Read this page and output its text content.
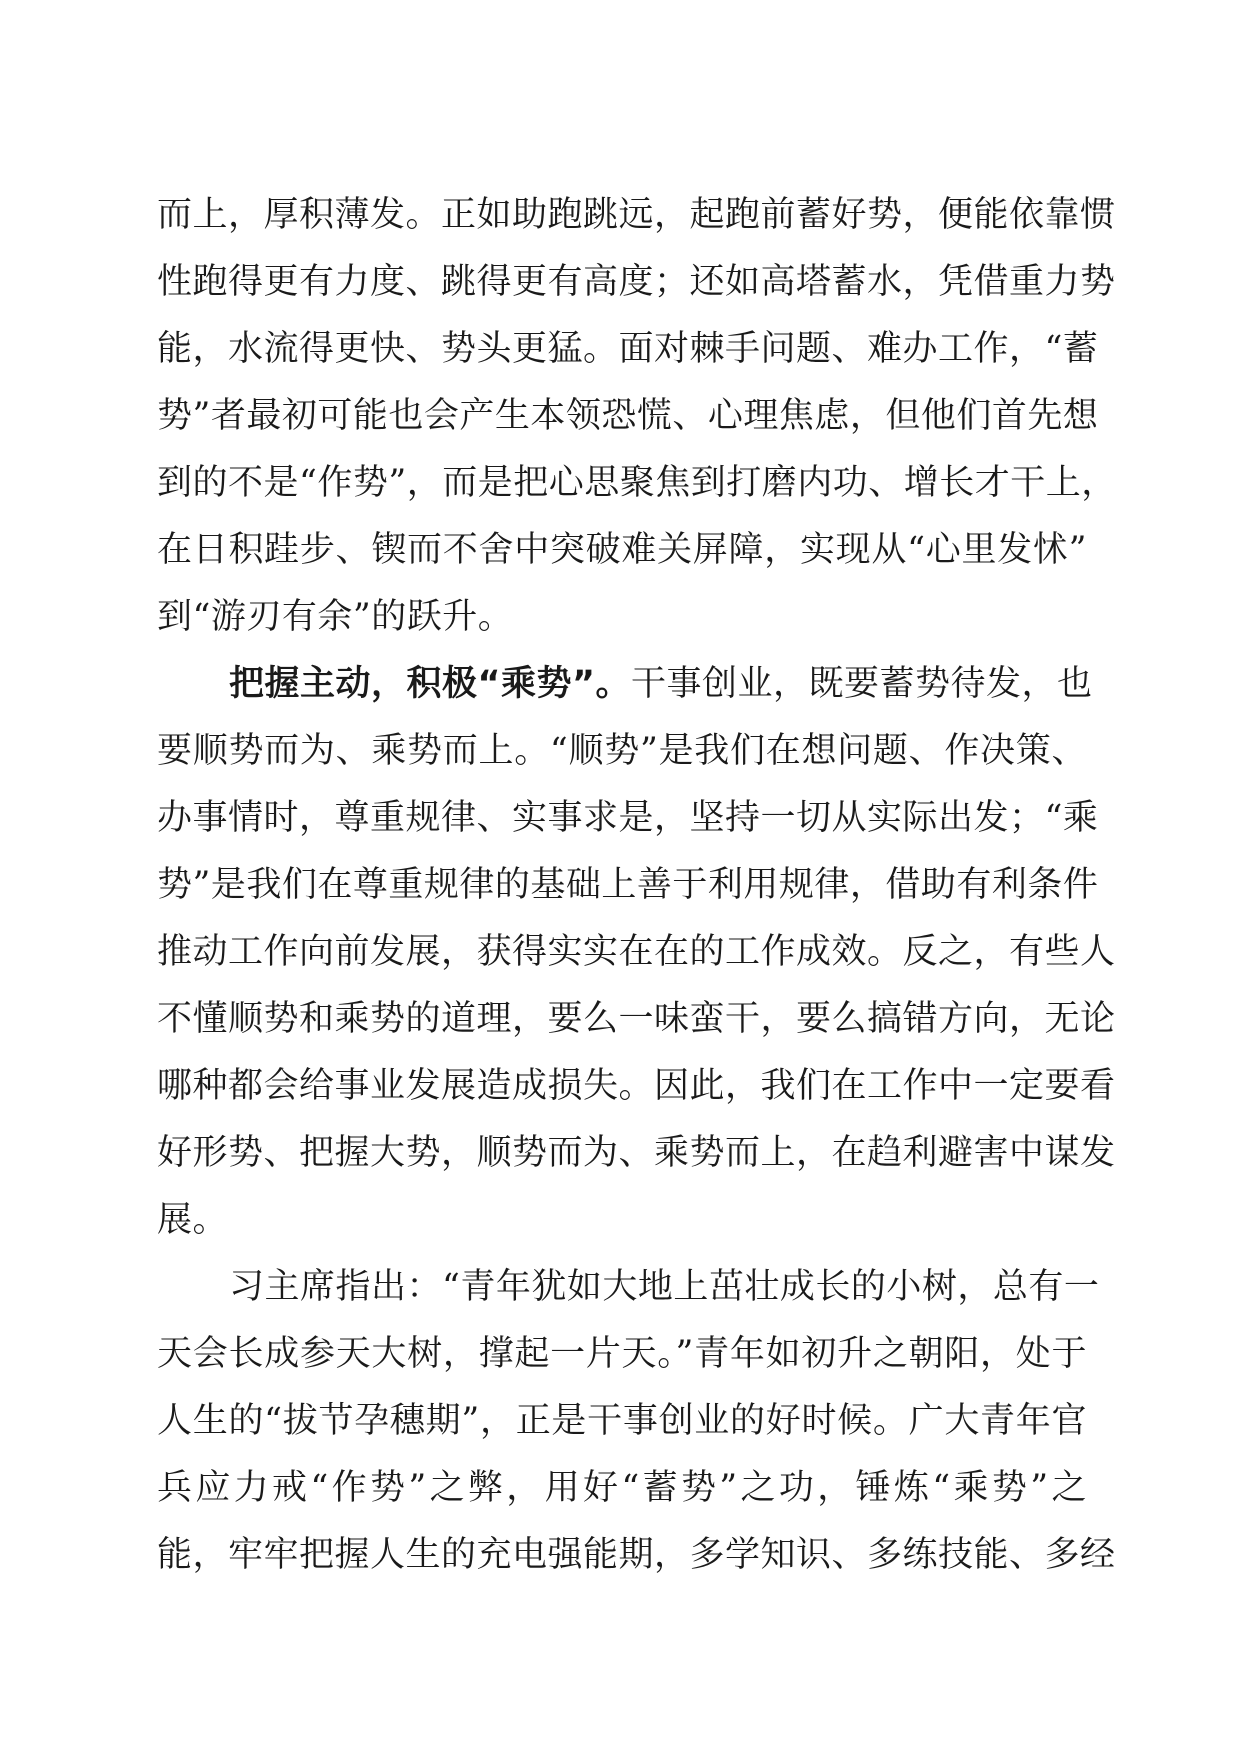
而上，厚积薄发。正如助跑跳远，起跑前蓄好势，便能依靠惯
性跑得更有力度、跳得更有高度；还如高塔蓄水，凭借重力势
能，水流得更快、势头更猛。面对棘手问题、难办工作，“蓄
势”者最初可能也会产生本领恐慌、心理焦虑，但他们首先想
到的不是“作势”，而是把心思聚焦到打磨内功、增长才干上，
在日积跬步、锲而不舍中突破难关屏障，实现从“心里发怵”
到“游刃有余”的跃升。
把握主动，积极“乘势”。干事创业，既要蓄势待发，也
要顺势而为、乘势而上。“顺势”是我们在想问题、作决策、
办事情时，尊重规律、实事求是，坚持一切从实际出发；“乘
势”是我们在尊重规律的基础上善于利用规律，借助有利条件
推动工作向前发展，获得实实在在的工作成效。反之，有些人
不懂顺势和乘势的道理，要么一味蛮干，要么搞错方向，无论
哪种都会给事业发展造成损失。因此，我们在工作中一定要看
好形势、把握大势，顺势而为、乘势而上，在趋利避害中谋发
展。
习主席指出：“青年犹如大地上茁壮成长的小树，总有一
天会长成参天大树，撑起一片天。”青年如初升之朝阳，处于
人生的“拔节孕穗期”，正是干事创业的好时候。广大青年官
兵应力戒“作势”之弊，用好“蓄势”之功，锤炼“乘势”之
能，牢牢把握人生的充电强能期，多学知识、多练技能、多经
